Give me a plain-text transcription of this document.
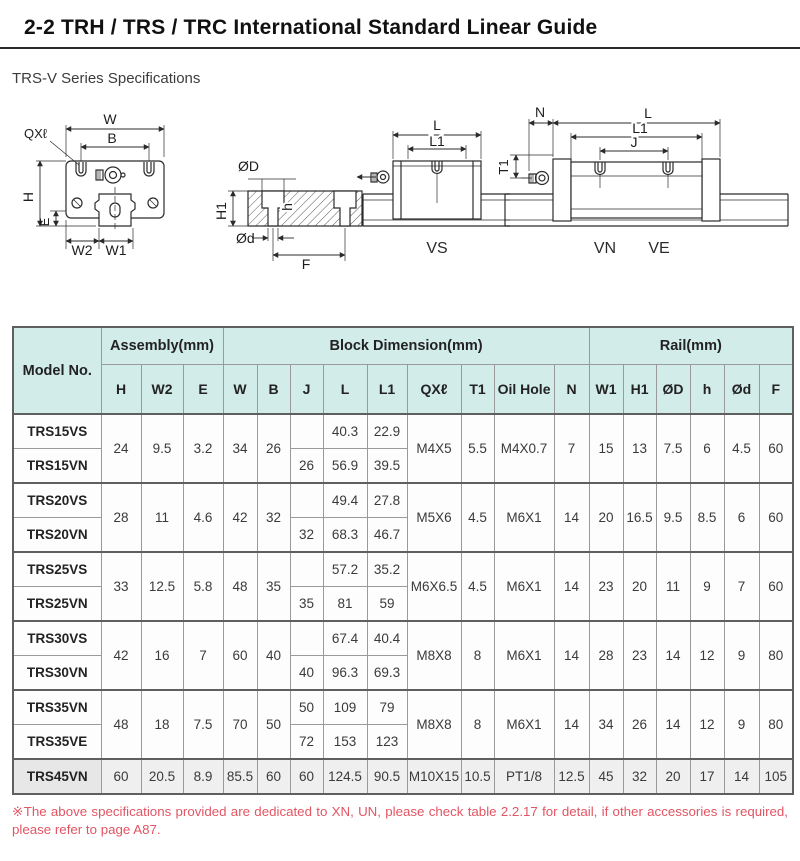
2-2 TRH / TRS / TRC International Standard Linear Guide
TRS-V Series Specifications
W
B
QXℓ
H
E
W2 W1
ØD
H1	h
Ød
F
L
L1
VS
T1
N	L
L1
J
VN VE
Model No.	Assembly(mm)			Block Dimension(mm)									Rail(mm)					
	H	W2	E	W	B	J	L	L1	QXℓ	T1	Oil Hole	N	W1	H1	ØD	h	Ød	F
TRS15VS	24	9.5	3.2	34	26		40.3	22.9	M4X5	5.5	M4X0.7	7	15	13	7.5	6	4.5	60
TRS15VN						26	56.9	39.5										
TRS20VS	28	11	4.6	42	32		49.4	27.8	M5X6	4.5	M6X1	14	20	16.5	9.5	8.5	6	60
TRS20VN						32	68.3	46.7										
TRS25VS	33	12.5	5.8	48	35		57.2	35.2	M6X6.5	4.5	M6X1	14	23	20	11	9	7	60
TRS25VN						35	81	59										
TRS30VS	42	16	7	60	40		67.4	40.4	M8X8	8	M6X1	14	28	23	14	12	9	80
TRS30VN						40	96.3	69.3										
TRS35VN	48	18	7.5	70	50	50	109	79	M8X8	8	M6X1	14	34	26	14	12	9	80
TRS35VE						72	153	123										
TRS45VN	60	20.5	8.9	85.5	60	60	124.5	90.5	M10X15	10.5	PT1/8	12.5	45	32	20	17	14	105
※The above specifications provided are dedicated to XN, UN, please check table 2.2.17 for detail, if other accessories is required, please refer to page A87.
